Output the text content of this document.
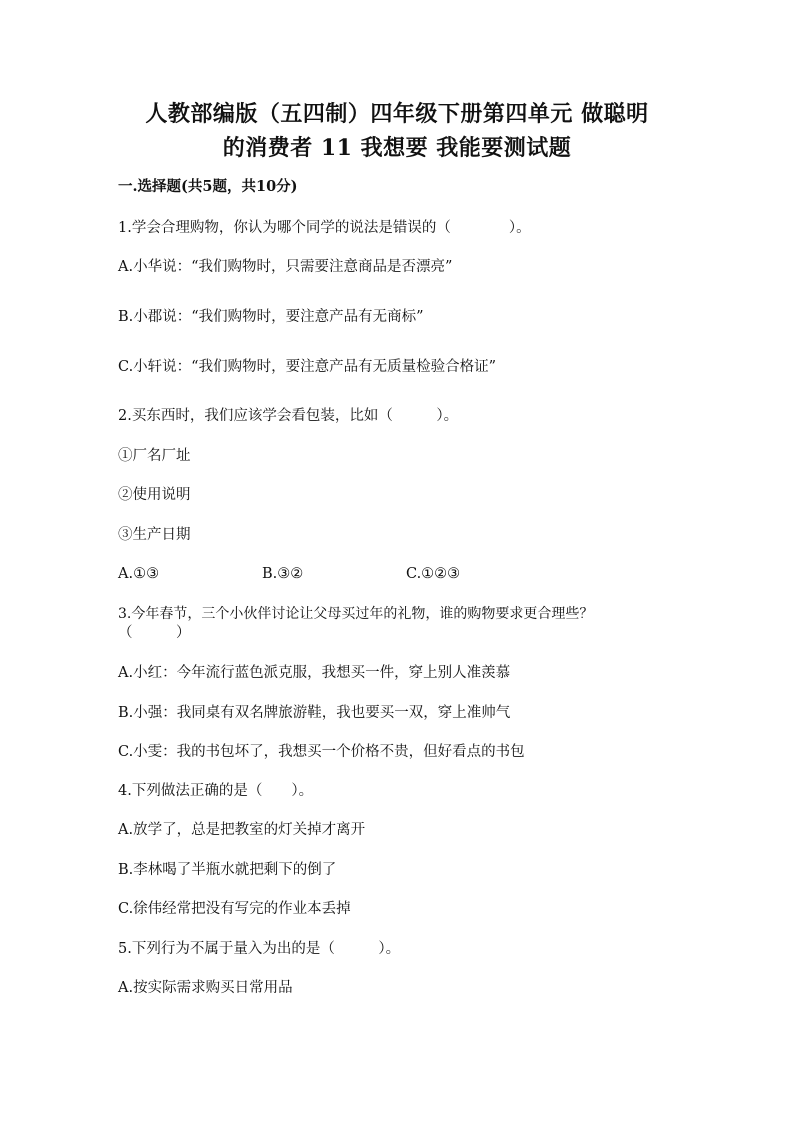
人教部编版（五四制）四年级下册第四单元 做聪明
的消费者 11 我想要 我能要测试题
一.选择题(共5题，共10分)
1.学会合理购物，你认为哪个同学的说法是错误的（　　　　）。
A.小华说：“我们购物时，只需要注意商品是否漂亮”
B.小郡说：“我们购物时，要注意产品有无商标”
C.小轩说：“我们购物时，要注意产品有无质量检验合格证”
2.买东西时，我们应该学会看包装，比如（　　　）。
①厂名厂址
②使用说明
③生产日期
A.①③	B.③②	C.①②③
3.今年春节，三个小伙伴讨论让父母买过年的礼物，谁的购物要求更合理些？
（　　　）
A.小红：今年流行蓝色派克服，我想买一件，穿上别人准羡慕
B.小强：我同桌有双名牌旅游鞋，我也要买一双，穿上准帅气
C.小雯：我的书包坏了，我想买一个价格不贵，但好看点的书包
4.下列做法正确的是（　　）。
A.放学了，总是把教室的灯关掉才离开
B.李林喝了半瓶水就把剩下的倒了
C.徐伟经常把没有写完的作业本丢掉
5.下列行为不属于量入为出的是（　　　）。
A.按实际需求购买日常用品
